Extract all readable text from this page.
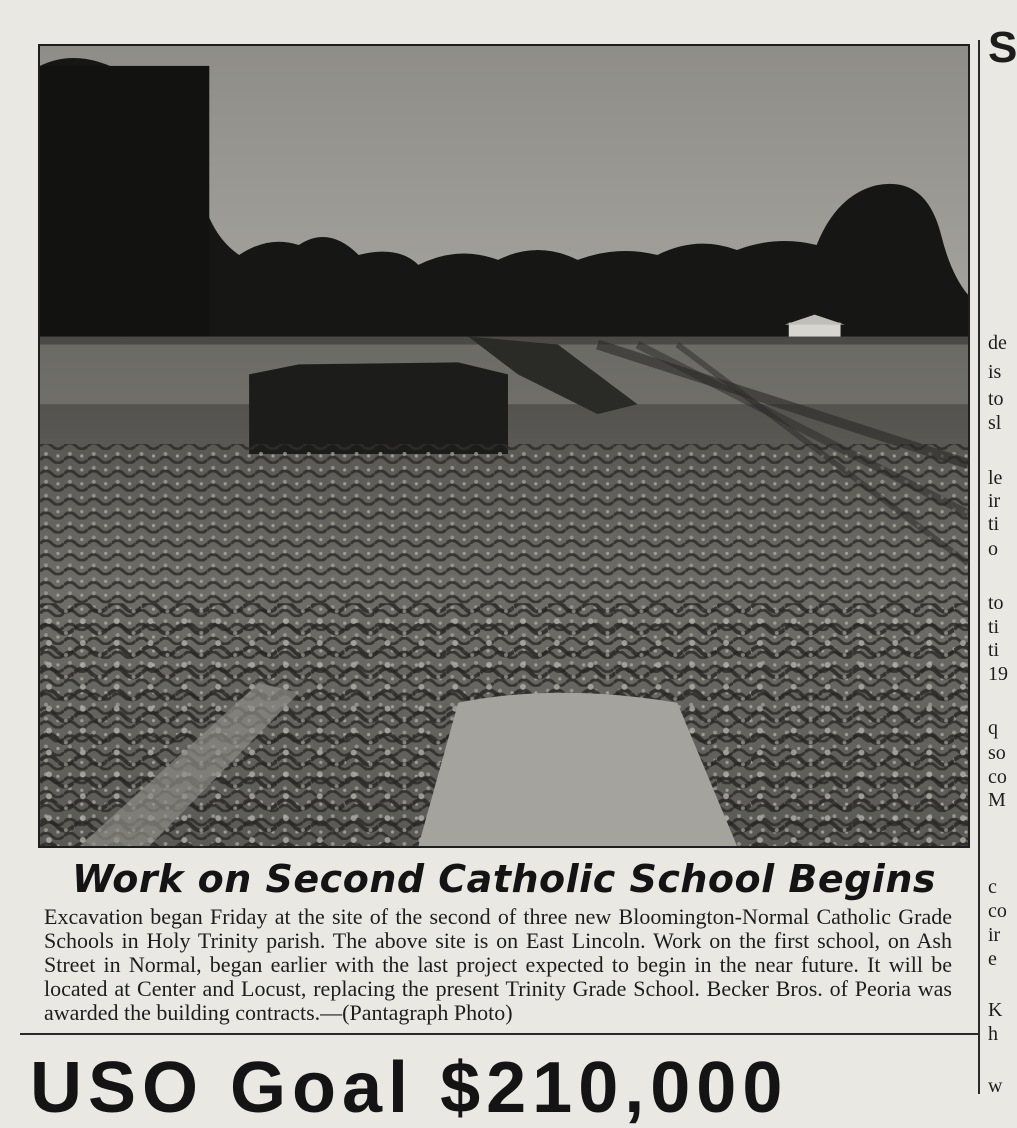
Work on Second Catholic School Begins

Excavation began Friday at the site of the second of three new Bloomington-Normal Catholic Grade Schools in Holy Trinity parish. The above site is on East Lincoln. Work on the first school, on Ash Street in Normal, began earlier with the last project expected to begin in the near future. It will be located at Center and Locust, replacing the present Trinity Grade School. Becker Bros. of Peoria was awarded the building contracts.—(Pantagraph Photo)

S
de
is
to
sl
le
ir
ti
o
to
ti
ti
19
q
so
co
M
c
co
ir
e
K
h
w
USO Goal $210,000
